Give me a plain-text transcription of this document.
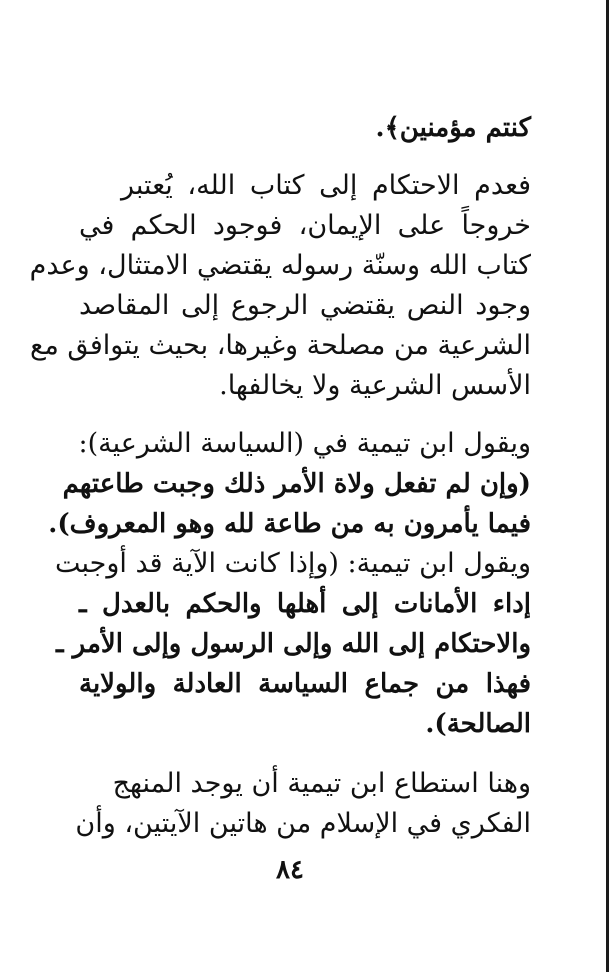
كنتم مؤمنين﴾.
فعدم الاحتكام إلى كتاب الله، يُعتبر
خروجاً على الإيمان، فوجود الحكم في
كتاب الله وسنّة رسوله يقتضي الامتثال، وعدم
وجود النص يقتضي الرجوع إلى المقاصد
الشرعية من مصلحة وغيرها، بحيث يتوافق مع
الأسس الشرعية ولا يخالفها.
ويقول ابن تيمية في (السياسة الشرعية):
(وإن لم تفعل ولاة الأمر ذلك وجبت طاعتهم
فيما يأمرون به من طاعة لله وهو المعروف).
ويقول ابن تيمية: (وإذا كانت الآية قد أوجبت
إداء الأمانات إلى أهلها والحكم بالعدل ـ
والاحتكام إلى الله وإلى الرسول وإلى الأمر ـ
فهذا من جماع السياسة العادلة والولاية
الصالحة).
وهنا استطاع ابن تيمية أن يوجد المنهج
الفكري في الإسلام من هاتين الآيتين، وأن
٨٤
